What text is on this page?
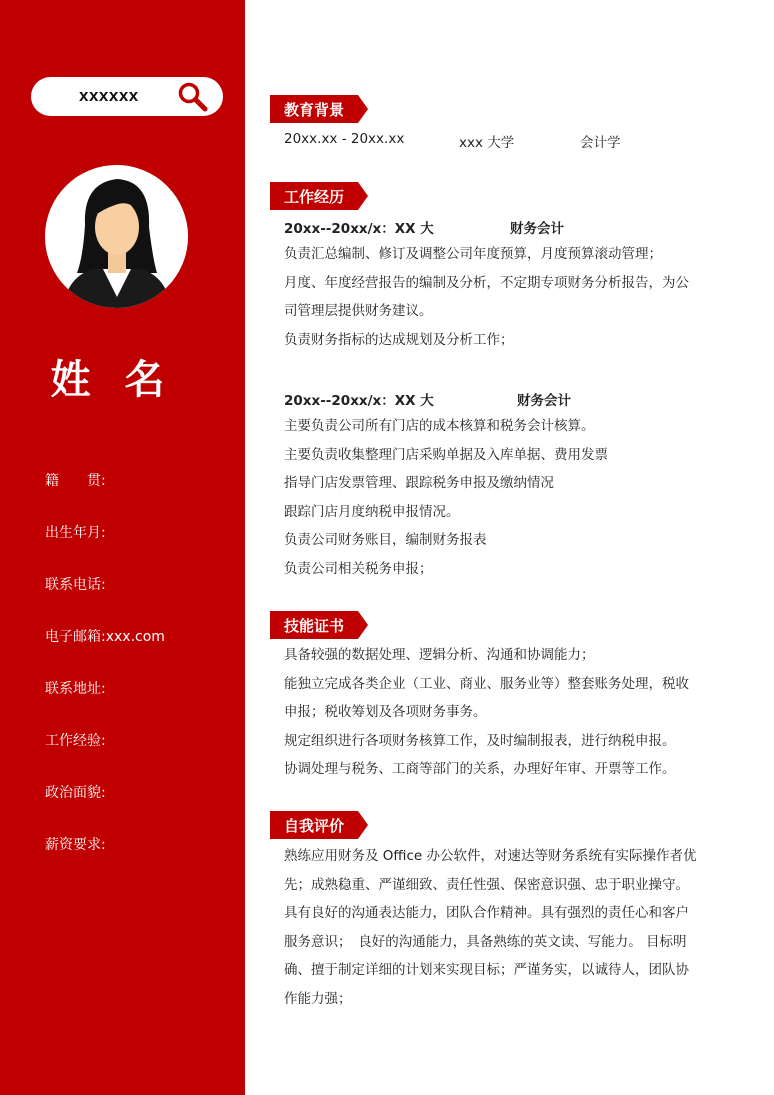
xxxxxx
姓 名
籍　　贯:
出生年月:
联系电话:
电子邮箱:xxx.com
联系地址:
工作经验:
政治面貌:
薪资要求:
教育背景
20xx.xx - 20xx.xx	xxx 大学	会计学
工作经历
20xx--20xx/x：XX 大	财务会计
负责汇总编制、修订及调整公司年度预算，月度预算滚动管理；
月度、年度经营报告的编制及分析，不定期专项财务分析报告，为公
司管理层提供财务建议。
负责财务指标的达成规划及分析工作；
20xx--20xx/x：XX 大	财务会计
主要负责公司所有门店的成本核算和税务会计核算。
主要负责收集整理门店采购单据及入库单据、费用发票
指导门店发票管理、跟踪税务申报及缴纳情况
跟踪门店月度纳税申报情况。
负责公司财务账目，编制财务报表
负责公司相关税务申报；
技能证书
具备较强的数据处理、逻辑分析、沟通和协调能力；
能独立完成各类企业（工业、商业、服务业等）整套账务处理，税收
申报；税收筹划及各项财务事务。
规定组织进行各项财务核算工作，及时编制报表，进行纳税申报。
协调处理与税务、工商等部门的关系，办理好年审、开票等工作。
自我评价
熟练应用财务及 Office 办公软件，对速达等财务系统有实际操作者优
先；成熟稳重、严谨细致、责任性强、保密意识强、忠于职业操守。
具有良好的沟通表达能力，团队合作精神。具有强烈的责任心和客户
服务意识；　良好的沟通能力，具备熟练的英文读、写能力。 目标明
确、擅于制定详细的计划来实现目标；严谨务实，以诚待人，团队协
作能力强；
